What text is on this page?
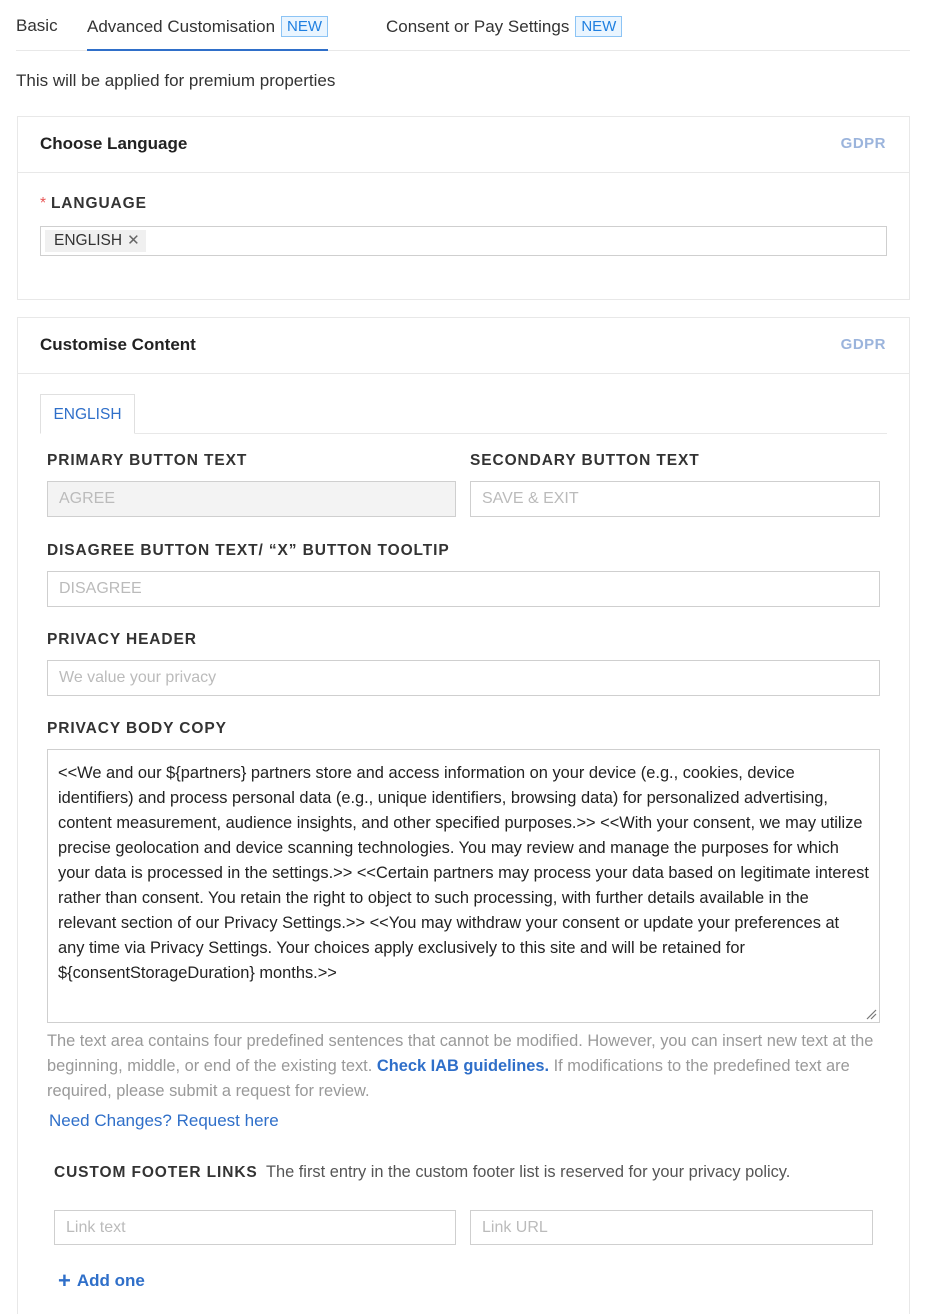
Basic Advanced Customisation NEW	Consent or Pay Settings NEW
This will be applied for premium properties
Choose Language	GDPR
* LANGUAGE
ENGLISH ✕
Customise Content	GDPR
ENGLISH
PRIMARY BUTTON TEXT
AGREE
SECONDARY BUTTON TEXT
SAVE & EXIT
DISAGREE BUTTON TEXT/ “X” BUTTON TOOLTIP
DISAGREE
PRIVACY HEADER
We value your privacy
PRIVACY BODY COPY
<<We and our ${partners} partners store and access information on your device (e.g., cookies, device identifiers) and process personal data (e.g., unique identifiers, browsing data) for personalized advertising, content measurement, audience insights, and other specified purposes.>> <<With your consent, we may utilize precise geolocation and device scanning technologies. You may review and manage the purposes for which your data is processed in the settings.>> <<Certain partners may process your data based on legitimate interest rather than consent. You retain the right to object to such processing, with further details available in the relevant section of our Privacy Settings.>> <<You may withdraw your consent or update your preferences at any time via Privacy Settings. Your choices apply exclusively to this site and will be retained for ${consentStorageDuration} months.>>
The text area contains four predefined sentences that cannot be modified. However, you can insert new text at the beginning, middle, or end of the existing text. Check IAB guidelines. If modifications to the predefined text are required, please submit a request for review.
Need Changes? Request here
CUSTOM FOOTER LINKS The first entry in the custom footer list is reserved for your privacy policy.
Link text	Link URL
+ Add one
